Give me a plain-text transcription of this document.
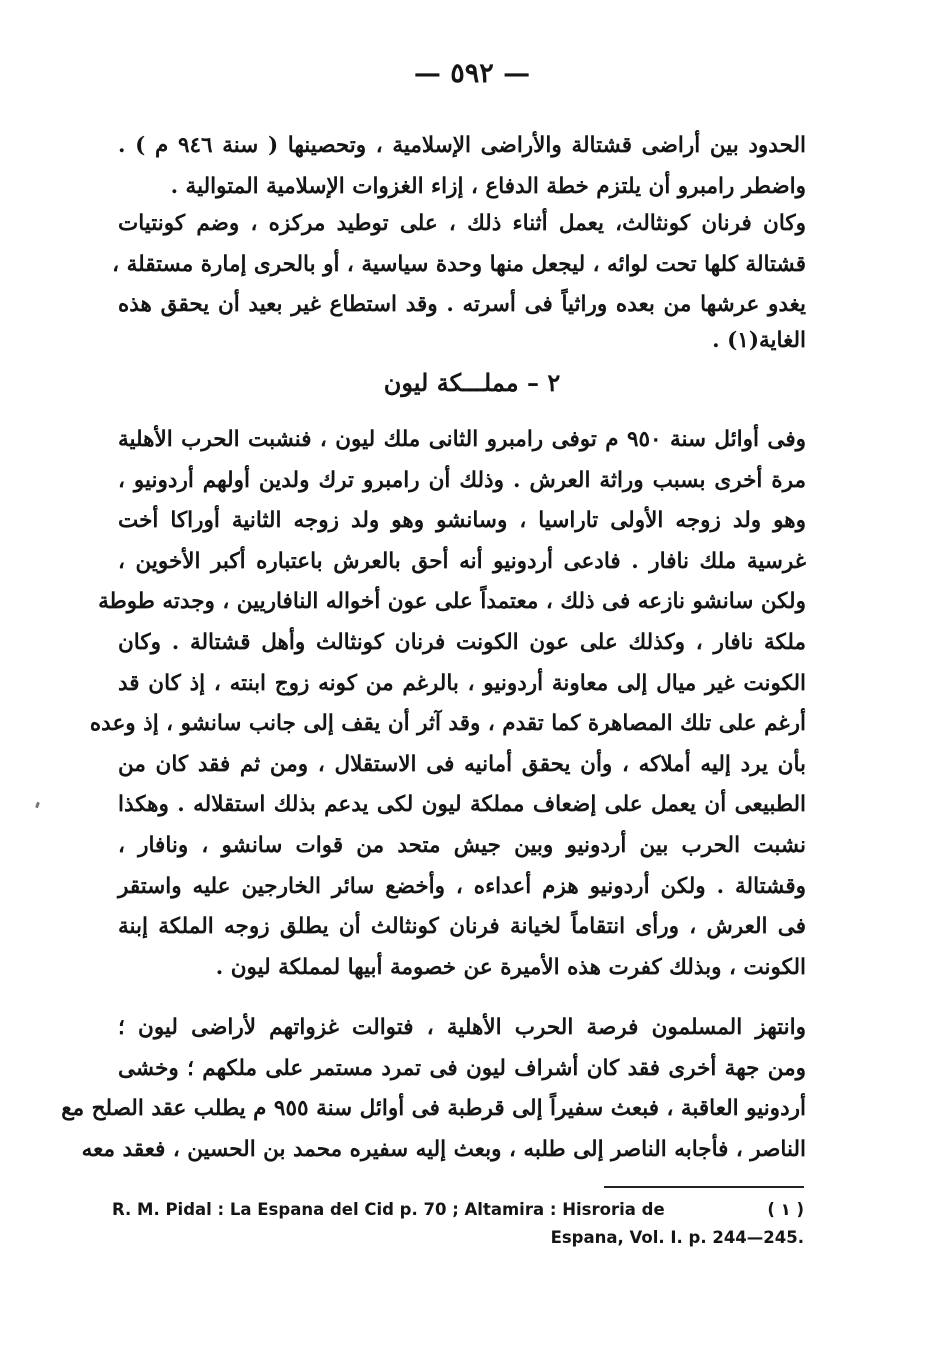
— ٥٩٢ —
الحدود بين أراضى قشتالة والأراضى الإسلامية ، وتحصينها ( سنة ٩٤٦ م ) .
واضطر رامبرو أن يلتزم خطة الدفاع ، إزاء الغزوات الإسلامية المتوالية .
وكان فرنان كونثالث، يعمل أثناء ذلك ، على توطيد مركزه ، وضم كونتيات
قشتالة كلها تحت لوائه ، ليجعل منها وحدة سياسية ، أو بالحرى إمارة مستقلة ،
يغدو عرشها من بعده وراثياً فى أسرته . وقد استطاع غير بعيد أن يحقق هذه
الغاية(١) .
٢ – مملـــكة ليون
وفى أوائل سنة ٩٥٠ م توفى رامبرو الثانى ملك ليون ، فنشبت الحرب الأهلية
مرة أخرى بسبب وراثة العرش . وذلك أن رامبرو ترك ولدين أولهم أردونيو ،
وهو ولد زوجه الأولى تاراسيا ، وسانشو وهو ولد زوجه الثانية أوراكا أخت
غرسية ملك نافار . فادعى أردونيو أنه أحق بالعرش باعتباره أكبر الأخوين ،
ولكن سانشو نازعه فى ذلك ، معتمداً على عون أخواله النافاريين ، وجدته طوطة
ملكة نافار ، وكذلك على عون الكونت فرنان كونثالث وأهل قشتالة . وكان
الكونت غير ميال إلى معاونة أردونيو ، بالرغم من كونه زوج ابنته ، إذ كان قد
أرغم على تلك المصاهرة كما تقدم ، وقد آثر أن يقف إلى جانب سانشو ، إذ وعده
بأن يرد إليه أملاكه ، وأن يحقق أمانيه فى الاستقلال ، ومن ثم فقد كان من
الطبيعى أن يعمل على إضعاف مملكة ليون لكى يدعم بذلك استقلاله . وهكذا
نشبت الحرب بين أردونيو وبين جيش متحد من قوات سانشو ، ونافار ،
وقشتالة . ولكن أردونيو هزم أعداءه ، وأخضع سائر الخارجين عليه واستقر
فى العرش ، ورأى انتقاماً لخيانة فرنان كونثالث أن يطلق زوجه الملكة إبنة
الكونت ، وبذلك كفرت هذه الأميرة عن خصومة أبيها لمملكة ليون .
وانتهز المسلمون فرصة الحرب الأهلية ، فتوالت غزواتهم لأراضى ليون ؛
ومن جهة أخرى فقد كان أشراف ليون فى تمرد مستمر على ملكهم ؛ وخشى
أردونيو العاقبة ، فبعث سفيراً إلى قرطبة فى أوائل سنة ٩٥٥ م يطلب عقد الصلح مع
الناصر ، فأجابه الناصر إلى طلبه ، وبعث إليه سفيره محمد بن الحسين ، فعقد معه
R. M. Pidal : La Espana del Cid p. 70 ; Altamira : Hisroria de	( ١ )
Espana, Vol. I. p. 244—245.
